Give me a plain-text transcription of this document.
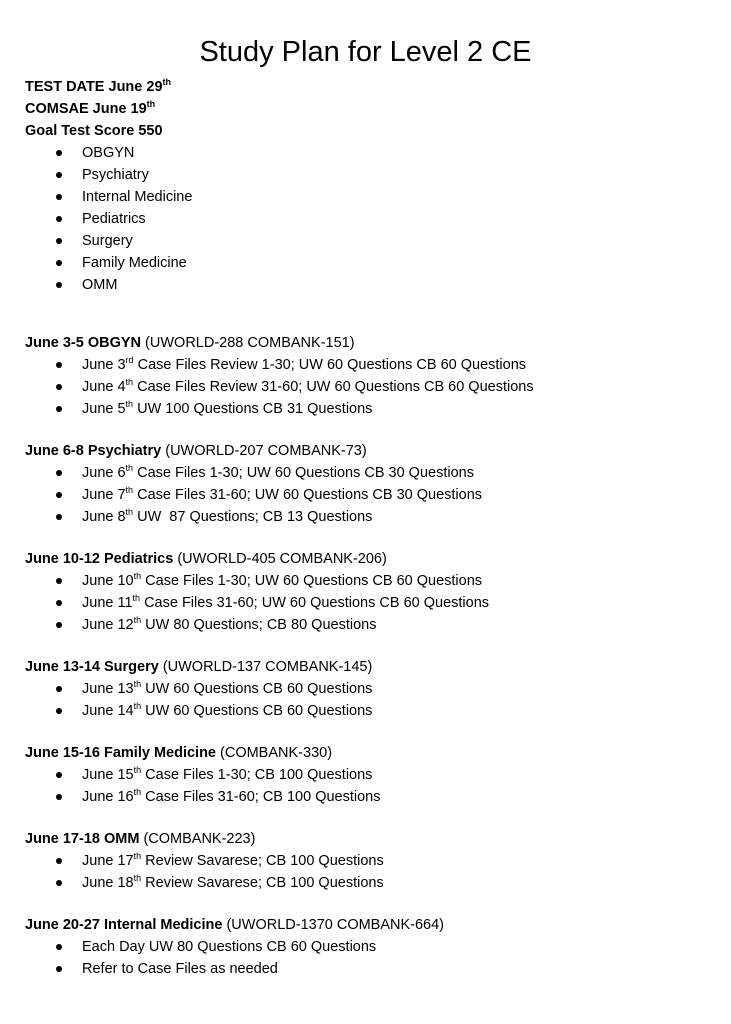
Study Plan for Level 2 CE
TEST DATE June 29th
COMSAE June 19th
Goal Test Score 550
OBGYN
Psychiatry
Internal Medicine
Pediatrics
Surgery
Family Medicine
OMM
June 3-5 OBGYN (UWORLD-288 COMBANK-151)
June 3rd Case Files Review 1-30; UW 60 Questions CB 60 Questions
June 4th Case Files Review 31-60; UW 60 Questions CB 60 Questions
June 5th UW 100 Questions CB 31 Questions
June 6-8 Psychiatry (UWORLD-207 COMBANK-73)
June 6th Case Files 1-30; UW 60 Questions CB 30 Questions
June 7th Case Files 31-60; UW 60 Questions CB 30 Questions
June 8th UW  87 Questions; CB 13 Questions
June 10-12 Pediatrics (UWORLD-405 COMBANK-206)
June 10th Case Files 1-30; UW 60 Questions CB 60 Questions
June 11th Case Files 31-60; UW 60 Questions CB 60 Questions
June 12th UW 80 Questions; CB 80 Questions
June 13-14 Surgery (UWORLD-137 COMBANK-145)
June 13th UW 60 Questions CB 60 Questions
June 14th UW 60 Questions CB 60 Questions
June 15-16 Family Medicine (COMBANK-330)
June 15th Case Files 1-30; CB 100 Questions
June 16th Case Files 31-60; CB 100 Questions
June 17-18 OMM (COMBANK-223)
June 17th Review Savarese; CB 100 Questions
June 18th Review Savarese; CB 100 Questions
June 20-27 Internal Medicine (UWORLD-1370 COMBANK-664)
Each Day UW 80 Questions CB 60 Questions
Refer to Case Files as needed
